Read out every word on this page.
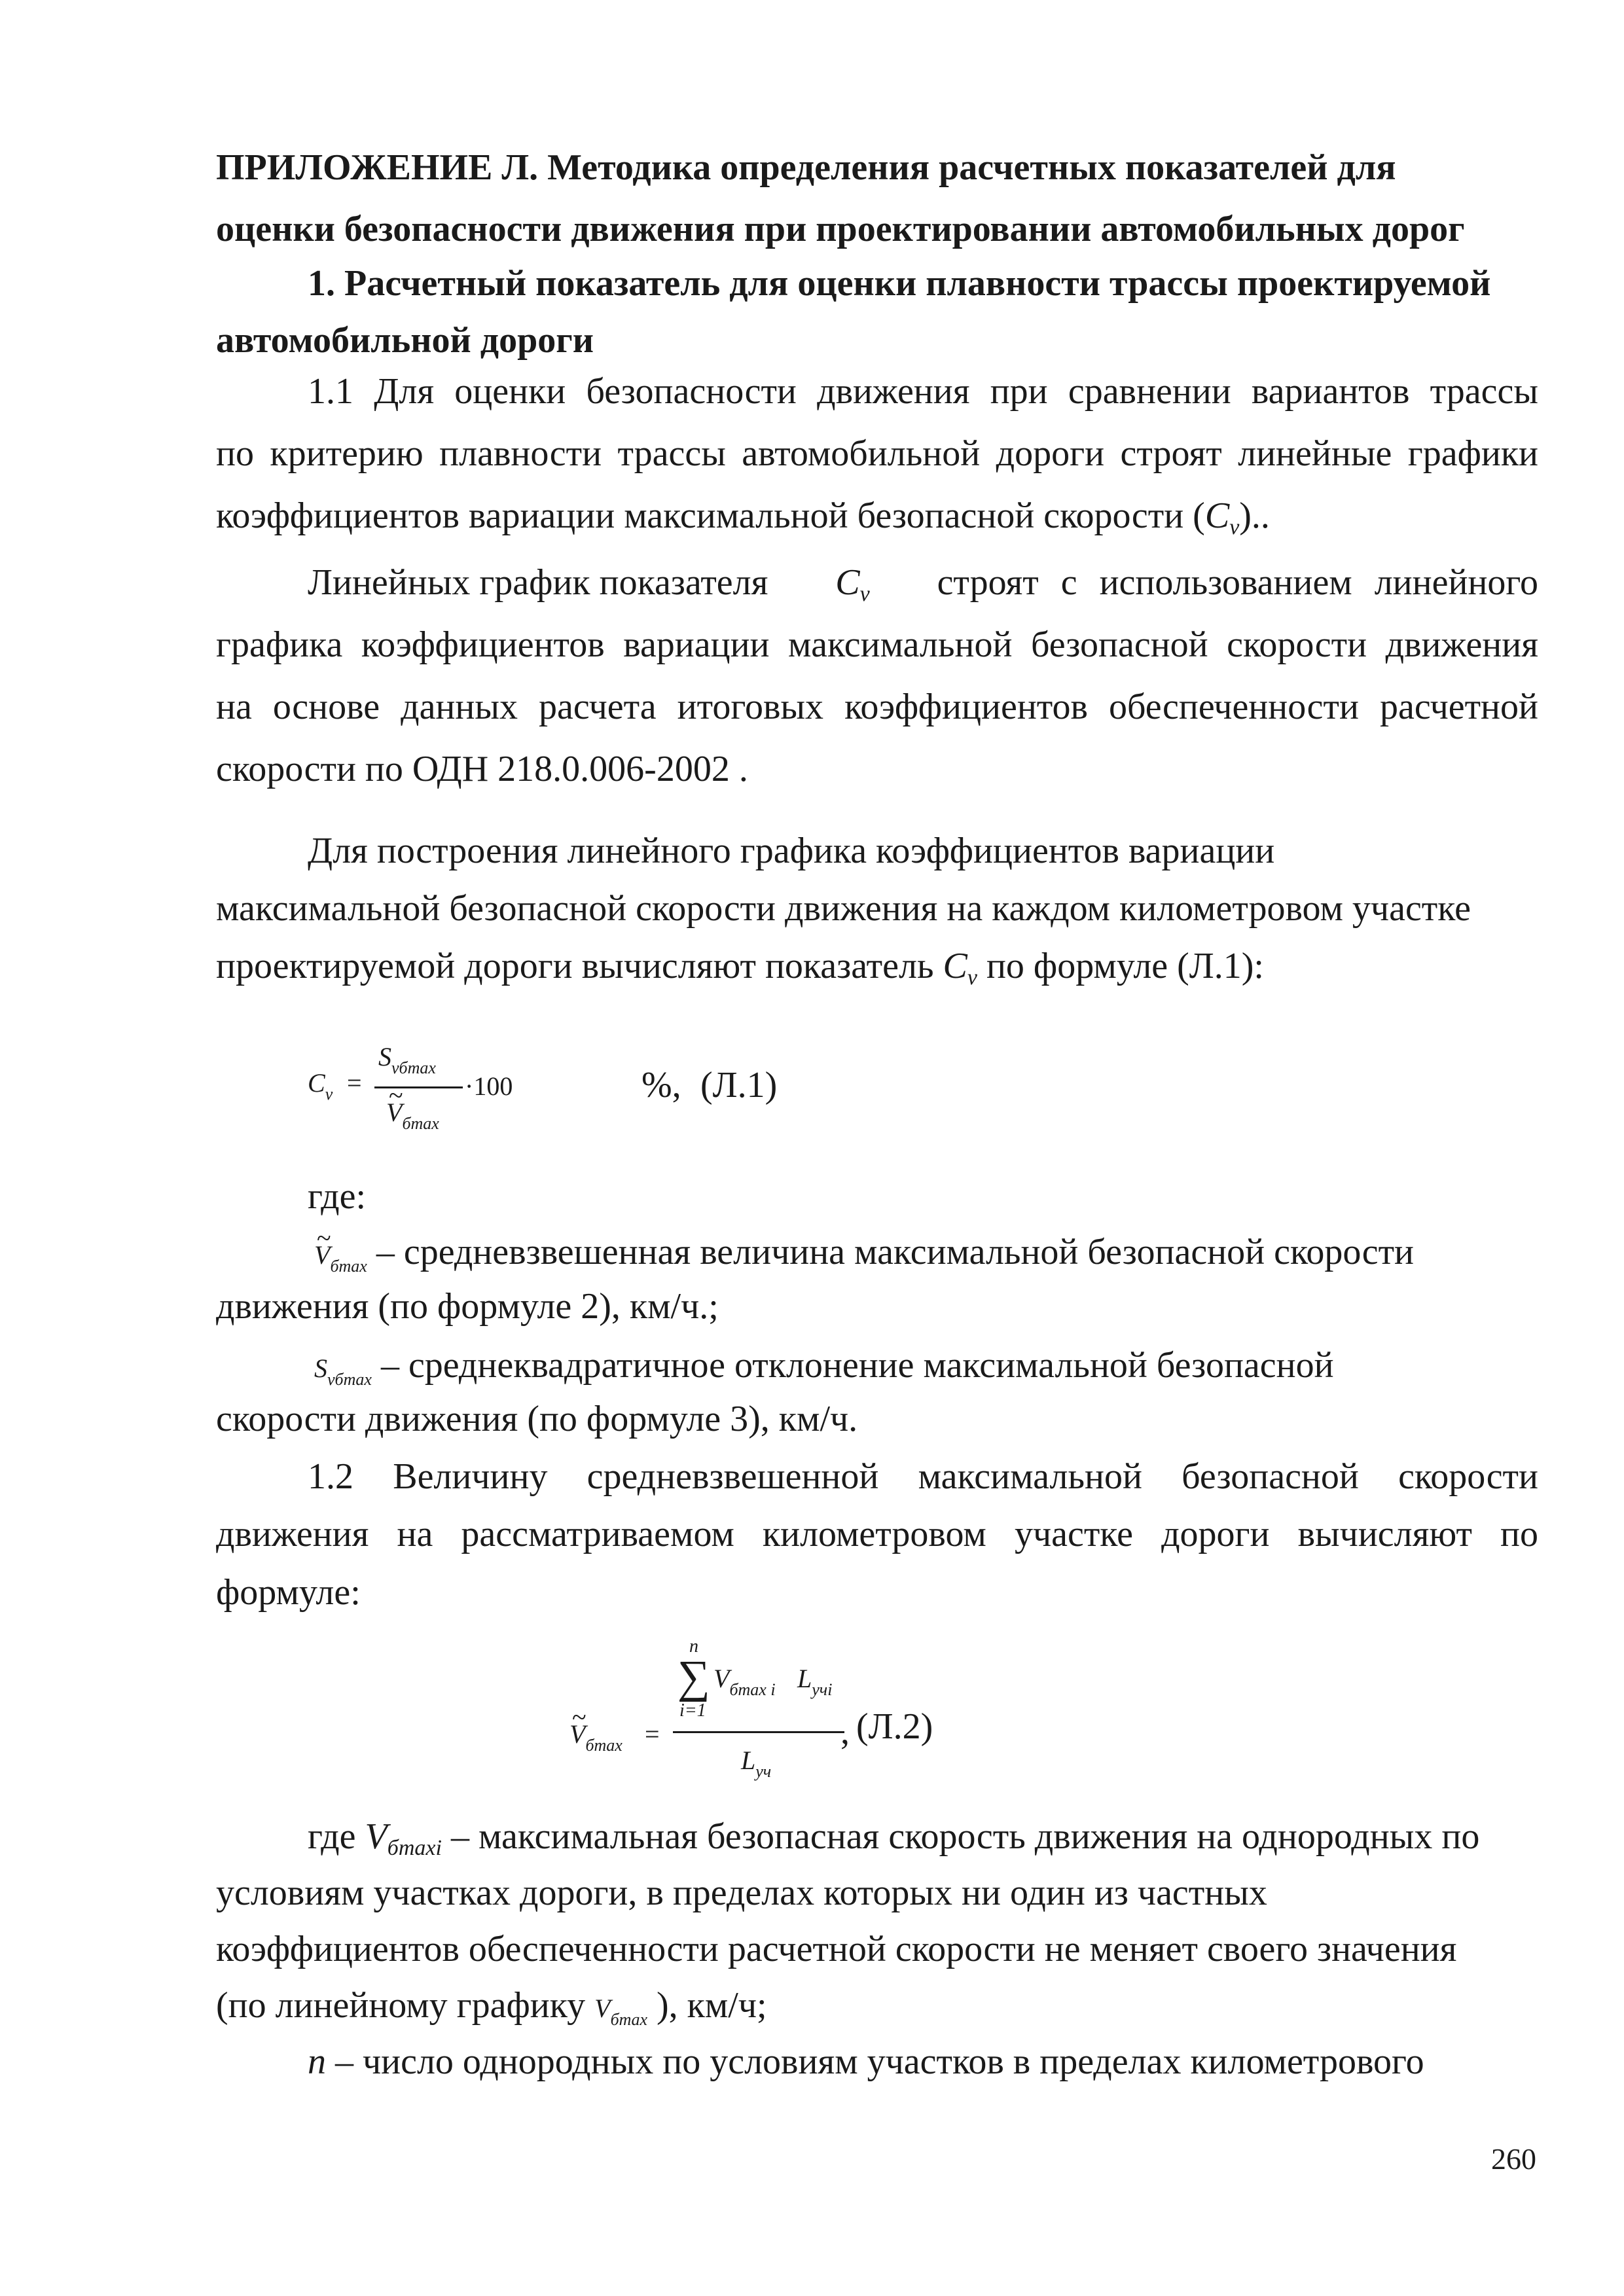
ПРИЛОЖЕНИЕ Л. Методика определения расчетных показателей для
оценки безопасности движения при проектировании автомобильных дорог
1. Расчетный показатель для оценки плавности трассы проектируемой
автомобильной дороги
1.1 Для оценки безопасности движения при сравнении вариантов трассы
по критерию плавности трассы автомобильной дороги строят линейные графики
коэффициентов вариации максимальной безопасной скорости $(C_v)$..
Линейных график показателя $C_v$ строят с использованием линейного
графика коэффициентов вариации максимальной безопасной скорости движения
на основе данных расчета итоговых коэффициентов обеспеченности расчетной
скорости по ОДН 218.0.006-2002 .
Для построения линейного графика коэффициентов вариации
максимальной безопасной скорости движения на каждом километровом участке
проектируемой дороги вычисляют показатель $C_v$ по формуле (Л.1):
$C_v$ =
$S_{vбmax}$
~ $V_{бmax}$
·100	%, (Л.1)
где:
~ $V_{бmax}$ – средневзвешенная величина максимальной безопасной скорости
движения (по формуле 2), км/ч.;
$S_{vбmax}$ – среднеквадратичное отклонение максимальной безопасной
скорости движения (по формуле 3), км/ч.
1.2 Величину средневзвешенной максимальной безопасной скорости
движения на рассматриваемом километровом участке дороги вычисляют по
формуле:
~ $V_{бmax}$ =
n
∑
i=1
$V_{бmax i}$ $L_{учi}$
,
$L_{уч}$
(Л.2)
где $V_{бmaxi}$ – максимальная безопасная скорость движения на однородных по
условиям участках дороги, в пределах которых ни один из частных
коэффициентов обеспеченности расчетной скорости не меняет своего значения
(по линейному графику $V_{бmax}$ ), км/ч;
n – число однородных по условиям участков в пределах километрового
260
